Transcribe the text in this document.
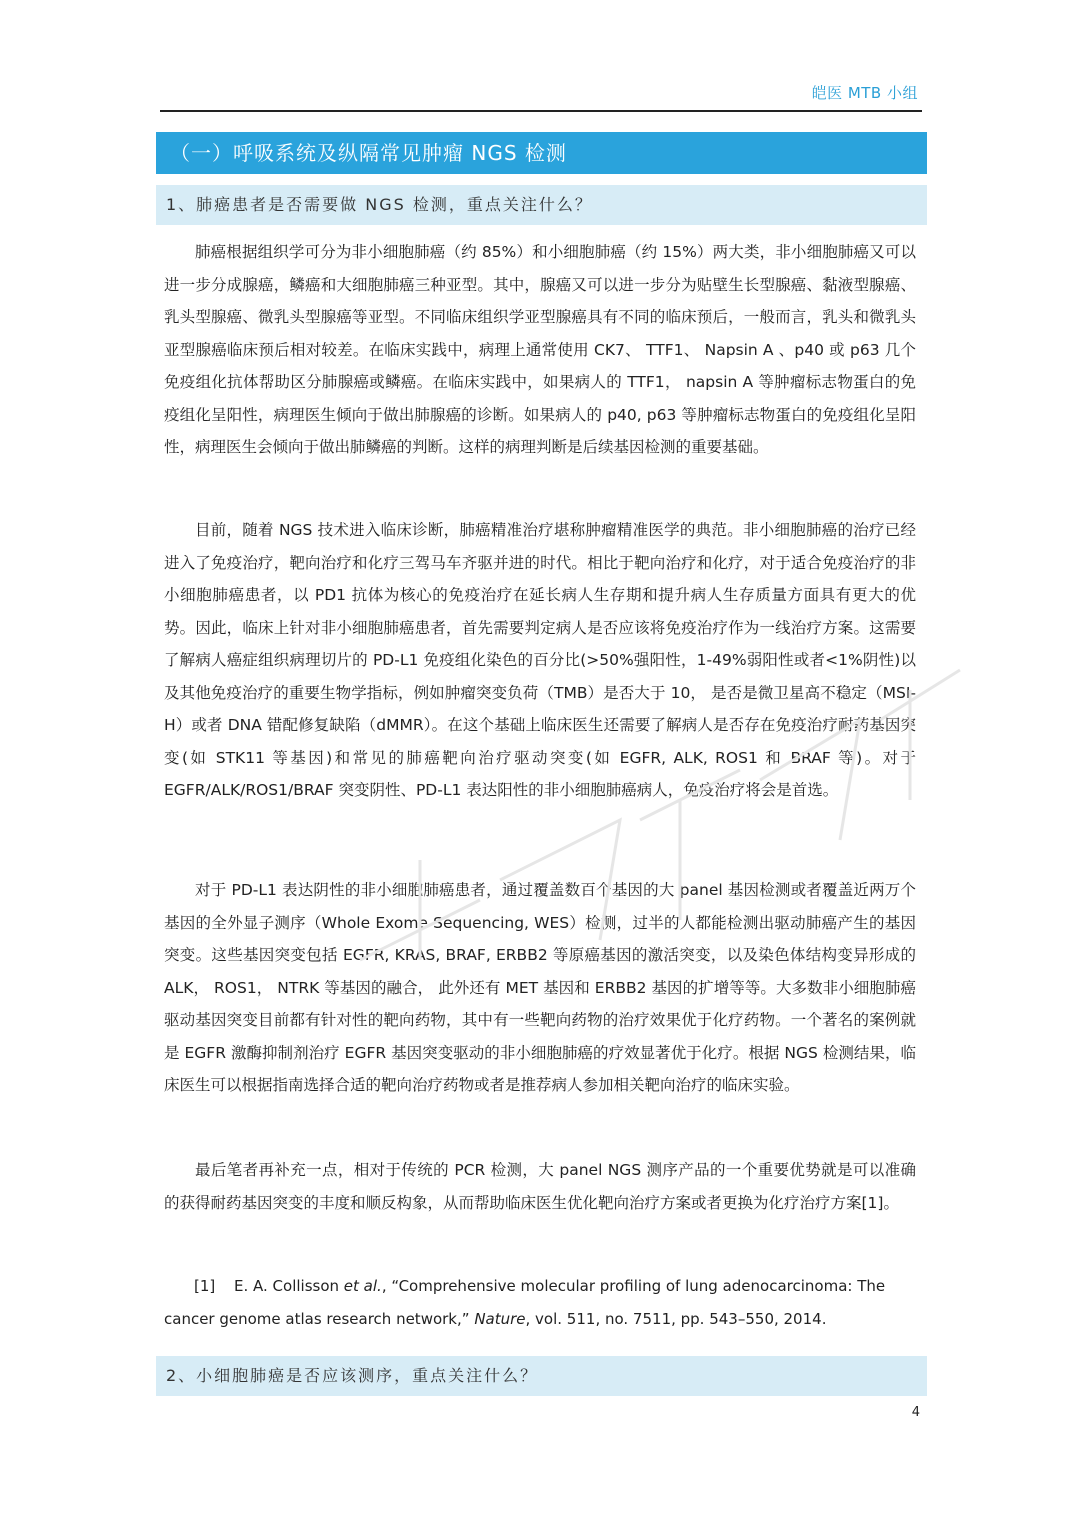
皑医 MTB 小组
（一）呼吸系统及纵隔常见肿瘤 NGS 检测
1、肺癌患者是否需要做 NGS 检测，重点关注什么？

肺癌根据组织学可分为非小细胞肺癌（约 85%）和小细胞肺癌（约 15%）两大类，非小细胞肺癌又可以进一步分成腺癌，鳞癌和大细胞肺癌三种亚型。其中，腺癌又可以进一步分为贴壁生长型腺癌、黏液型腺癌、乳头型腺癌、微乳头型腺癌等亚型。不同临床组织学亚型腺癌具有不同的临床预后，一般而言，乳头和微乳头亚型腺癌临床预后相对较差。在临床实践中，病理上通常使用 CK7、 TTF1、 Napsin A 、p40 或 p63 几个免疫组化抗体帮助区分肺腺癌或鳞癌。在临床实践中，如果病人的 TTF1， napsin A 等肿瘤标志物蛋白的免疫组化呈阳性，病理医生倾向于做出肺腺癌的诊断。如果病人的 p40, p63 等肿瘤标志物蛋白的免疫组化呈阳性，病理医生会倾向于做出肺鳞癌的判断。这样的病理判断是后续基因检测的重要基础。

目前，随着 NGS 技术进入临床诊断，肺癌精准治疗堪称肿瘤精准医学的典范。非小细胞肺癌的治疗已经进入了免疫治疗，靶向治疗和化疗三驾马车齐驱并进的时代。相比于靶向治疗和化疗，对于适合免疫治疗的非小细胞肺癌患者，以 PD1 抗体为核心的免疫治疗在延长病人生存期和提升病人生存质量方面具有更大的优势。因此，临床上针对非小细胞肺癌患者，首先需要判定病人是否应该将免疫治疗作为一线治疗方案。这需要了解病人癌症组织病理切片的 PD-L1 免疫组化染色的百分比(>50%强阳性，1-49%弱阳性或者<1%阴性)以及其他免疫治疗的重要生物学指标，例如肿瘤突变负荷（TMB）是否大于 10， 是否是微卫星高不稳定（MSI-H）或者 DNA 错配修复缺陷（dMMR）。在这个基础上临床医生还需要了解病人是否存在免疫治疗耐药基因突变(如 STK11 等基因)和常见的肺癌靶向治疗驱动突变(如 EGFR, ALK, ROS1 和 BRAF 等)。对于 EGFR/ALK/ROS1/BRAF 突变阴性、PD-L1 表达阳性的非小细胞肺癌病人，免疫治疗将会是首选。

对于 PD-L1 表达阴性的非小细胞肺癌患者，通过覆盖数百个基因的大 panel 基因检测或者覆盖近两万个基因的全外显子测序（Whole Exome Sequencing, WES）检测，过半的人都能检测出驱动肺癌产生的基因突变。这些基因突变包括 EGFR, KRAS, BRAF, ERBB2 等原癌基因的激活突变，以及染色体结构变异形成的 ALK， ROS1， NTRK 等基因的融合， 此外还有 MET 基因和 ERBB2 基因的扩增等等。大多数非小细胞肺癌驱动基因突变目前都有针对性的靶向药物，其中有一些靶向药物的治疗效果优于化疗药物。一个著名的案例就是 EGFR 激酶抑制剂治疗 EGFR 基因突变驱动的非小细胞肺癌的疗效显著优于化疗。根据 NGS 检测结果，临床医生可以根据指南选择合适的靶向治疗药物或者是推荐病人参加相关靶向治疗的临床实验。

最后笔者再补充一点，相对于传统的 PCR 检测，大 panel NGS 测序产品的一个重要优势就是可以准确的获得耐药基因突变的丰度和顺反构象，从而帮助临床医生优化靶向治疗方案或者更换为化疗治疗方案[1]。

[1] E. A. Collisson et al., “Comprehensive molecular profiling of lung adenocarcinoma: The cancer genome atlas research network,” Nature, vol. 511, no. 7511, pp. 543–550, 2014.

2、小细胞肺癌是否应该测序，重点关注什么？
4
